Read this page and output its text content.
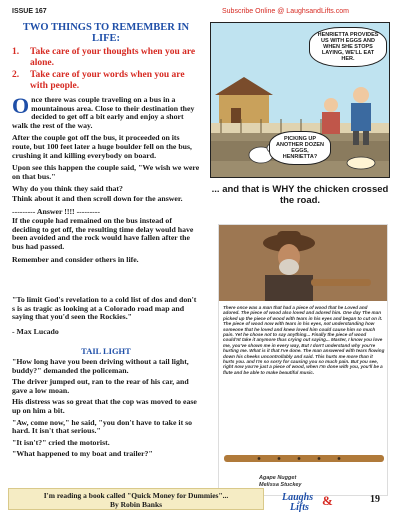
ISSUE 167	Subscribe Online @ LaughsandLifts.com
TWO THINGS TO REMEMBER IN LIFE:
1.	Take care of your thoughts when you are alone.
2.	Take care of your words when you are with people.

Once there was couple traveling on a bus in a mountainous area. Close to their destination they decided to get off a bit early and enjoy a short walk the rest of the way.

After the couple got off the bus, it proceeded on its route, but 100 feet later a huge boulder fell on the bus, crushing it and killing everybody on board.

Upon see this happen the couple said, "We wish we were on that bus."

Why do you think they said that?

Think about it and then scroll down for the answer.

--------- Answer !!!! ---------

If the couple had remained on the bus instead of deciding to get off, the resulting time delay would have been avoided and the rock would have fallen after the bus had passed.

Remember and consider others in life.

"To limit God's revelation to a cold list of dos and don't s is as tragic as looking at a Colorado road map and saying that you'd seen the Rockies."
- Max Lucado
TAIL LIGHT

"How long have you been driving without a tail light, buddy?" demanded the policeman.

The driver jumped out, ran to the rear of his car, and gave a low moan.

His distress was so great that the cop was moved to ease up on him a bit.

"Aw, come now," he said, "you don't have to take it so hard. It isn't that serious."

"It isn't?" cried the motorist.

"What happened to my boat and trailer?"

HENRIETTA PROVIDES US WITH EGGS AND WHEN SHE STOPS LAYING, WE'LL EAT HER.
PICKING UP ANOTHER DOZEN EGGS, HENRIETTA?
... and that is WHY the chicken crossed the road.
There once was a man that had a piece of wood that he Loved and adored. The piece of wood also loved and adored him. One day The man picked up the piece of wood with tears in his eyes and began to cut on it. The piece of wood now with tears in his eyes, not understanding how someone that he loved and knew loved him could cause him so much pain. Yet he chose not to say anything... Finally the piece of wood could'nt take it anymore thus crying out saying... Master, I know you love me, you've shown me in every way, But I don't understand why you're hurting me. What is it that I've done. The man answered with tears flowing down his cheeks uncontrollably and said. This hurts me more than it hurts you. and I'm so sorry for causing you so much pain. But you see, right now you're just a piece of wood, when I'm done with you, you'll be a flute and be able to make beautiful music.
Agape Nugget
Melissa Stuckey
I'm reading a book called "Quick Money for Dummies"...
By Robin Banks
Laughs &
Lifts
19
